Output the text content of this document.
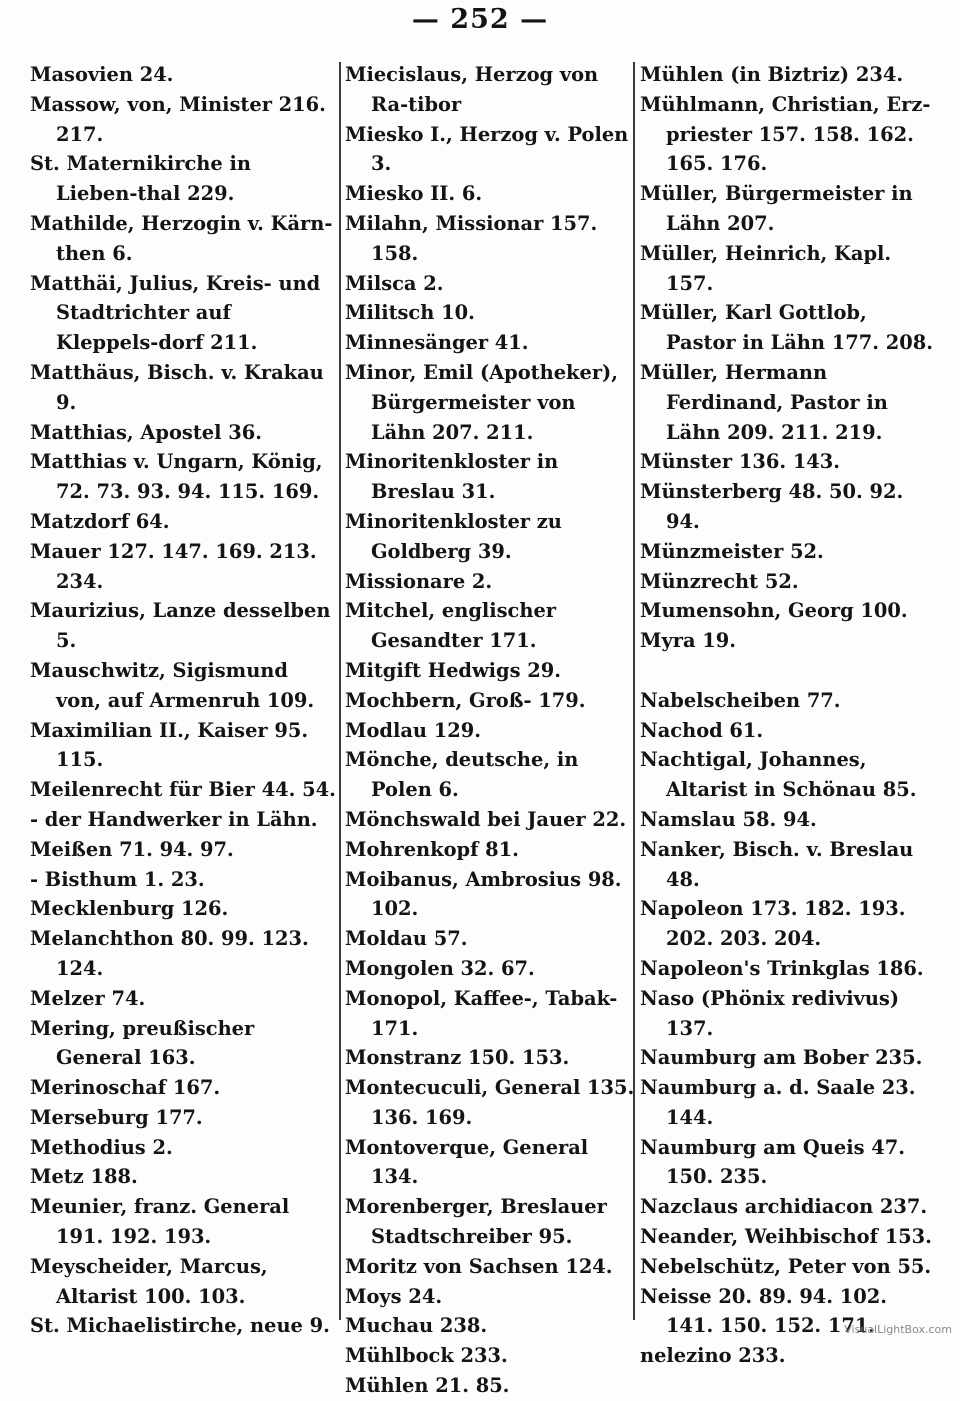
— 252 —
Masovien 24.
Massow, von, Minister 216. 217.
St. Maternikirche in Lieben-thal 229.
Mathilde, Herzogin v. Kärn-then 6.
Matthäi, Julius, Kreis- und Stadtrichter auf Kleppels-dorf 211.
Matthäus, Bisch. v. Krakau 9.
Matthias, Apostel 36.
Matthias v. Ungarn, König, 72. 73. 93. 94. 115. 169.
Matzdorf 64.
Mauer 127. 147. 169. 213. 234.
Maurizius, Lanze desselben 5.
Mauschwitz, Sigismund von, auf Armenruh 109.
Maximilian II., Kaiser 95. 115.
Meilenrecht für Bier 44. 54.
- der Handwerker in Lähn.
Meißen 71. 94. 97.
- Bisthum 1. 23.
Mecklenburg 126.
Melanchthon 80. 99. 123. 124.
Melzer 74.
Mering, preußischer General 163.
Merinoschaf 167.
Merseburg 177.
Methodius 2.
Metz 188.
Meunier, franz. General 191. 192. 193.
Meyscheider, Marcus, Altarist 100. 103.
St. Michaelistirche, neue 9.
Miecislaus, Herzog von Ra-tibor
Miesko I., Herzog v. Polen 3.
Miesko II. 6.
Milahn, Missionar 157. 158.
Milsca 2.
Militsch 10.
Minnesänger 41.
Minor, Emil (Apotheker), Bürgermeister von Lähn 207. 211.
Minoritenkloster in Breslau 31.
Minoritenkloster zu Goldberg 39.
Missionare 2.
Mitchel, englischer Gesandter 171.
Mitgift Hedwigs 29.
Mochbern, Groß- 179.
Modlau 129.
Mönche, deutsche, in Polen 6.
Mönchswald bei Jauer 22.
Mohrenkopf 81.
Moibanus, Ambrosius 98. 102.
Moldau 57.
Mongolen 32. 67.
Monopol, Kaffee-, Tabak-171.
Monstranz 150. 153.
Montecuculi, General 135. 136. 169.
Montoverque, General 134.
Morenberger, Breslauer Stadtschreiber 95.
Moritz von Sachsen 124.
Moys 24.
Muchau 238.
Mühlbock 233.
Mühlen 21. 85.
Mühlen (in Biztriz) 234.
Mühlmann, Christian, Erz-priester 157. 158. 162. 165. 176.
Müller, Bürgermeister in Lähn 207.
Müller, Heinrich, Kapl. 157.
Müller, Karl Gottlob, Pastor in Lähn 177. 208.
Müller, Hermann Ferdinand, Pastor in Lähn 209. 211. 219.
Münster 136. 143.
Münsterberg 48. 50. 92. 94.
Münzmeister 52.
Münzrecht 52.
Mumensohn, Georg 100.
Myra 19.
Nabelscheiben 77.
Nachod 61.
Nachtigal, Johannes, Altarist in Schönau 85.
Namslau 58. 94.
Nanker, Bisch. v. Breslau 48.
Napoleon 173. 182. 193. 202. 203. 204.
Napoleon's Trinkglas 186.
Naso (Phönix redivivus) 137.
Naumburg am Bober 235.
Naumburg a. d. Saale 23. 144.
Naumburg am Queis 47. 150. 235.
Nazclaus archidiacon 237.
Neander, Weihbischof 153.
Nebelschütz, Peter von 55.
Neisse 20. 89. 94. 102. 141. 150. 152. 171.
nelezino 233.
VisualLightBox.com
